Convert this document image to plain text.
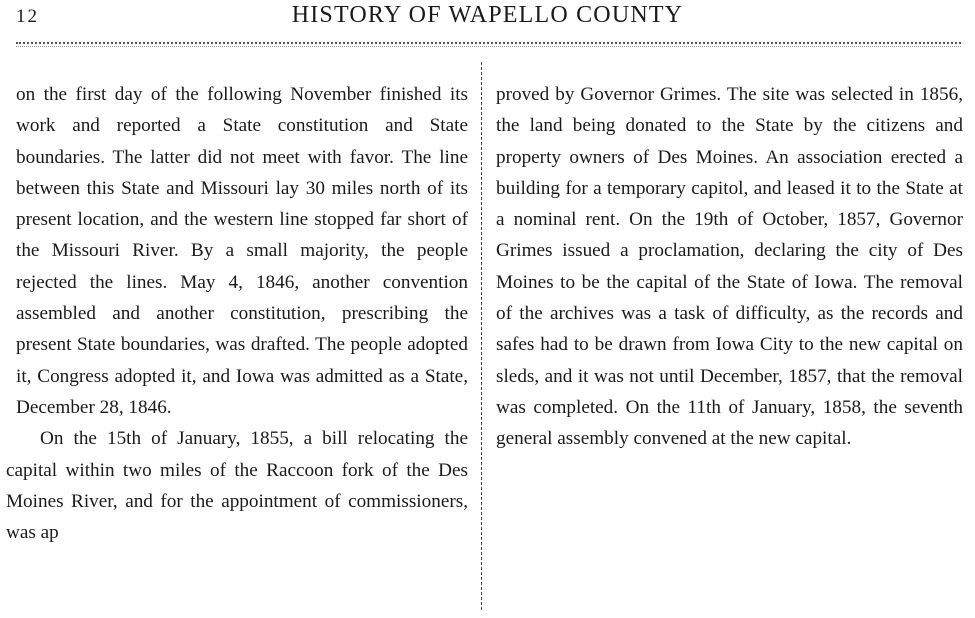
12	HISTORY OF WAPELLO COUNTY

on the first day of the following November finished its work and reported a State constitution and State boundaries. The latter did not meet with favor. The line between this State and Missouri lay 30 miles north of its present location, and the western line stopped far short of the Missouri River. By a small majority, the people rejected the lines. May 4, 1846, another convention assembled and another constitution, prescribing the present State boundaries, was drafted. The people adopted it, Congress adopted it, and Iowa was admitted as a State, December 28, 1846.

On the 15th of January, 1855, a bill relocating the capital within two miles of the Raccoon fork of the Des Moines River, and for the appointment of commissioners, was ap

proved by Governor Grimes. The site was selected in 1856, the land being donated to the State by the citizens and property owners of Des Moines. An association erected a building for a temporary capitol, and leased it to the State at a nominal rent. On the 19th of October, 1857, Governor Grimes issued a proclamation, declaring the city of Des Moines to be the capital of the State of Iowa. The removal of the archives was a task of difficulty, as the records and safes had to be drawn from Iowa City to the new capital on sleds, and it was not until December, 1857, that the removal was completed. On the 11th of January, 1858, the seventh general assembly convened at the new capital.
